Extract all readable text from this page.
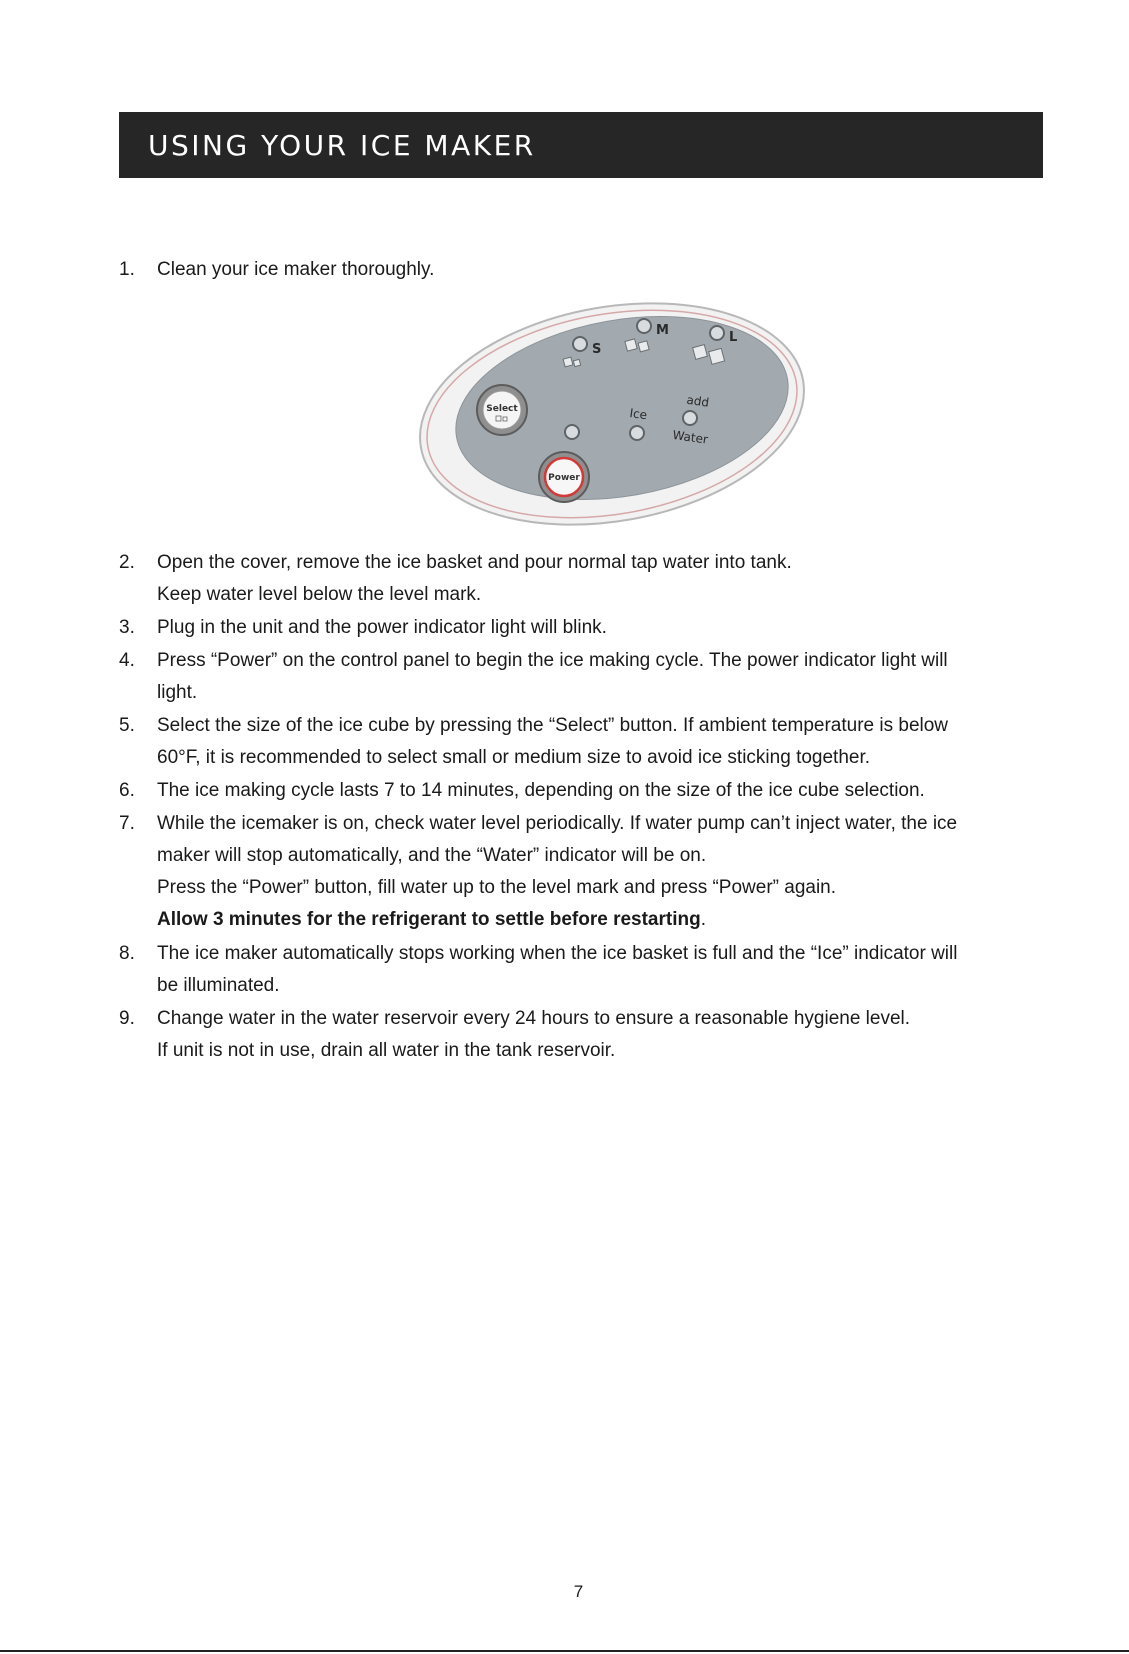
USING YOUR ICE MAKER
1. Clean your ice maker thoroughly.
S
M	L
Select	Ice
add
Water
Power
2. Open the cover, remove the ice basket and pour normal tap water into tank.
Keep water level below the level mark.
3. Plug in the unit and the power indicator light will blink.
4. Press “Power” on the control panel to begin the ice making cycle. The power indicator light will
light.
5. Select the size of the ice cube by pressing the “Select” button. If ambient temperature is below
60°F, it is recommended to select small or medium size to avoid ice sticking together.
6. The ice making cycle lasts 7 to 14 minutes, depending on the size of the ice cube selection.
7. While the icemaker is on, check water level periodically. If water pump can’t inject water, the ice
maker will stop automatically, and the “Water” indicator will be on.
Press the “Power” button, fill water up to the level mark and press “Power” again.
Allow 3 minutes for the refrigerant to settle before restarting.
8. The ice maker automatically stops working when the ice basket is full and the “Ice” indicator will
be illuminated.
9. Change water in the water reservoir every 24 hours to ensure a reasonable hygiene level.
If unit is not in use, drain all water in the tank reservoir.
7
